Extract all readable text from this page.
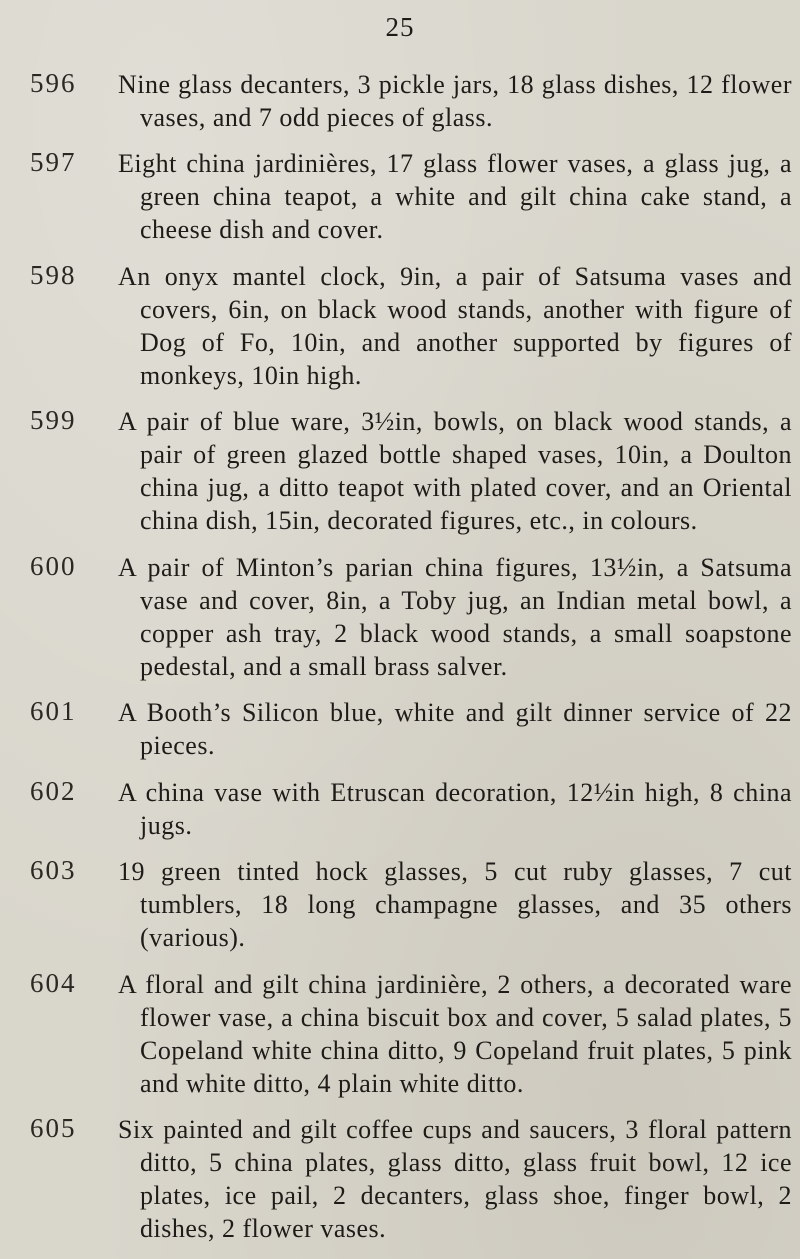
25
596 Nine glass decanters, 3 pickle jars, 18 glass dishes, 12 flower vases, and 7 odd pieces of glass.

597 Eight china jardinières, 17 glass flower vases, a glass jug, a green china teapot, a white and gilt china cake stand, a cheese dish and cover.

598 An onyx mantel clock, 9in, a pair of Satsuma vases and covers, 6in, on black wood stands, another with figure of Dog of Fo, 10in, and another supported by figures of monkeys, 10in high.

599 A pair of blue ware, 3½in, bowls, on black wood stands, a pair of green glazed bottle shaped vases, 10in, a Doulton china jug, a ditto teapot with plated cover, and an Oriental china dish, 15in, decorated figures, etc., in colours.

600 A pair of Minton’s parian china figures, 13½in, a Satsuma vase and cover, 8in, a Toby jug, an Indian metal bowl, a copper ash tray, 2 black wood stands, a small soapstone pedestal, and a small brass salver.

601 A Booth’s Silicon blue, white and gilt dinner service of 22 pieces.

602 A china vase with Etruscan decoration, 12½in high, 8 china jugs.

603 19 green tinted hock glasses, 5 cut ruby glasses, 7 cut tumblers, 18 long champagne glasses, and 35 others (various).

604 A floral and gilt china jardinière, 2 others, a decorated ware flower vase, a china biscuit box and cover, 5 salad plates, 5 Copeland white china ditto, 9 Copeland fruit plates, 5 pink and white ditto, 4 plain white ditto.

605 Six painted and gilt coffee cups and saucers, 3 floral pattern ditto, 5 china plates, glass ditto, glass fruit bowl, 12 ice plates, ice pail, 2 decanters, glass shoe, finger bowl, 2 dishes, 2 flower vases.
